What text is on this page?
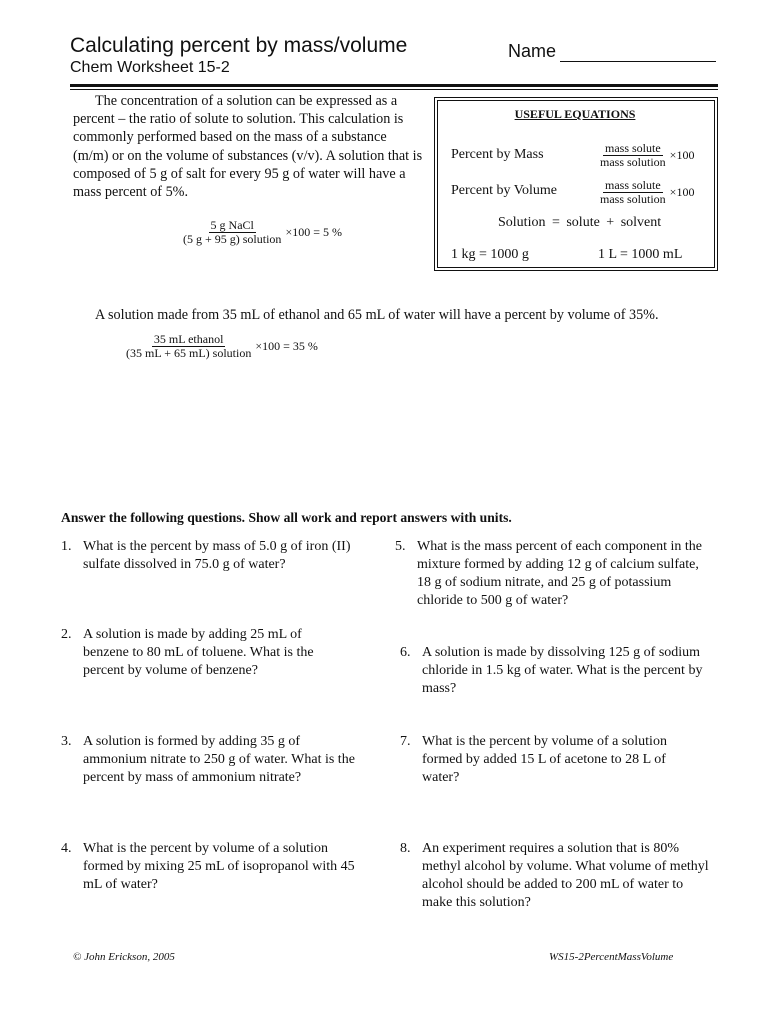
Calculating percent by mass/volume
Chem Worksheet 15-2
Name

The concentration of a solution can be expressed as a percent – the ratio of solute to solution. This calculation is commonly performed based on the mass of a substance (m/m) or on the volume of substances (v/v). A solution that is composed of 5 g of salt for every 95 g of water will have a mass percent of 5%.

$\frac{\text{5 g NaCl}}{\text{(5 g + 95 g) solution}} \times 100 = 5$ %
USEFUL EQUATIONS
Percent by Mass	$\frac{\text{mass solute}}{\text{mass solution}} \times 100$
Percent by Volume	$\frac{\text{mass solute}}{\text{mass solution}} \times 100$
Solution = solute + solvent
1 kg = 1000 g	1 L = 1000 mL
A solution made from 35 mL of ethanol and 65 mL of water will have a percent by volume of 35%.
$\frac{\text{35 mL ethanol}}{\text{(35 mL + 65 mL) solution}} \times 100 = 35$ %
Answer the following questions. Show all work and report answers with units.
1. What is the percent by mass of 5.0 g of iron (II) sulfate dissolved in 75.0 g of water?
2. A solution is made by adding 25 mL of benzene to 80 mL of toluene. What is the percent by volume of benzene?
3. A solution is formed by adding 35 g of ammonium nitrate to 250 g of water. What is the percent by mass of ammonium nitrate?
4. What is the percent by volume of a solution formed by mixing 25 mL of isopropanol with 45 mL of water?
5. What is the mass percent of each component in the mixture formed by adding 12 g of calcium sulfate, 18 g of sodium nitrate, and 25 g of potassium chloride to 500 g of water?
6. A solution is made by dissolving 125 g of sodium chloride in 1.5 kg of water. What is the percent by mass?
7. What is the percent by volume of a solution formed by added 15 L of acetone to 28 L of water?
8. An experiment requires a solution that is 80% methyl alcohol by volume. What volume of methyl alcohol should be added to 200 mL of water to make this solution?
© John Erickson, 2005	WS15-2PercentMassVolume
